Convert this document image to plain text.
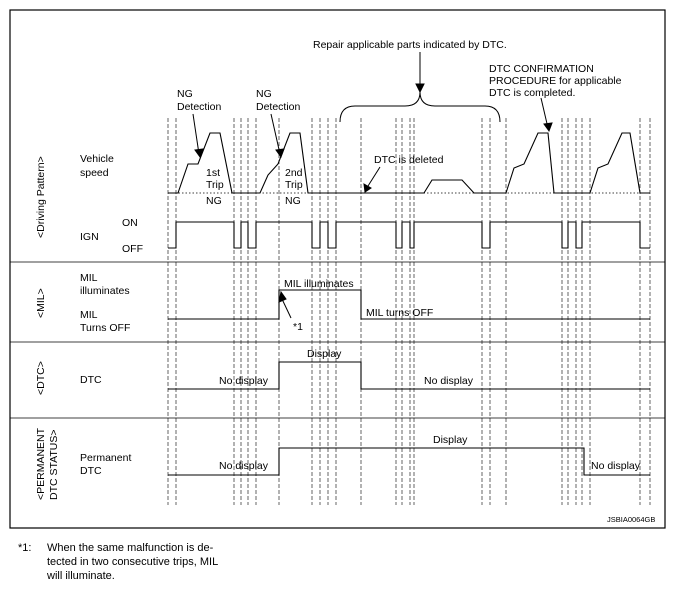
Repair applicable parts indicated by DTC.
DTC CONFIRMATION
PROCEDURE for applicable
DTC is completed.
NG
Detection
NG
Detection
1st
Trip
NG
2nd
Trip
NG
DTC is deleted
<Driving Pattern>
<MIL>
<DTC>
<PERMANENT DTC STATUS>
Vehicle
speed
ON
IGN
OFF
MIL
illuminates
MIL
Turns OFF
DTC
Permanent
DTC
MIL illuminates
MIL turns OFF
*1
Display
No display	No display
Display
No display	No display
JSBIA0064GB
*1: When the same malfunction is de-
tected in two consecutive trips, MIL
will illuminate.
